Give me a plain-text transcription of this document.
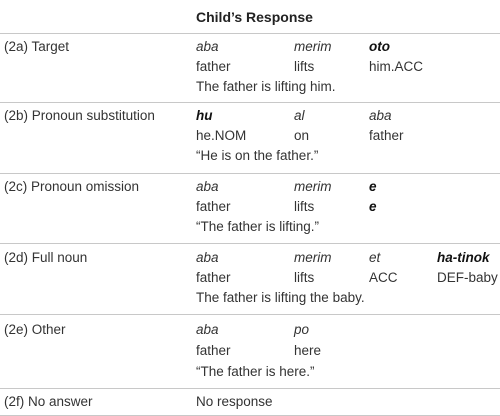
Child’s Response
(2a) Target	aba	merim	oto
father	lifts	him.ACC
The father is lifting him.
(2b) Pronoun substitution	hu	al	aba
he.NOM	on	father
“He is on the father.”
(2c) Pronoun omission	aba	merim	e
father	lifts	e
“The father is lifting.”
(2d) Full noun	aba	merim	et	ha-tinok
father	lifts	ACC	DEF-baby
The father is lifting the baby.
(2e) Other	aba	po
father	here
“The father is here.”
(2f) No answer	No response
